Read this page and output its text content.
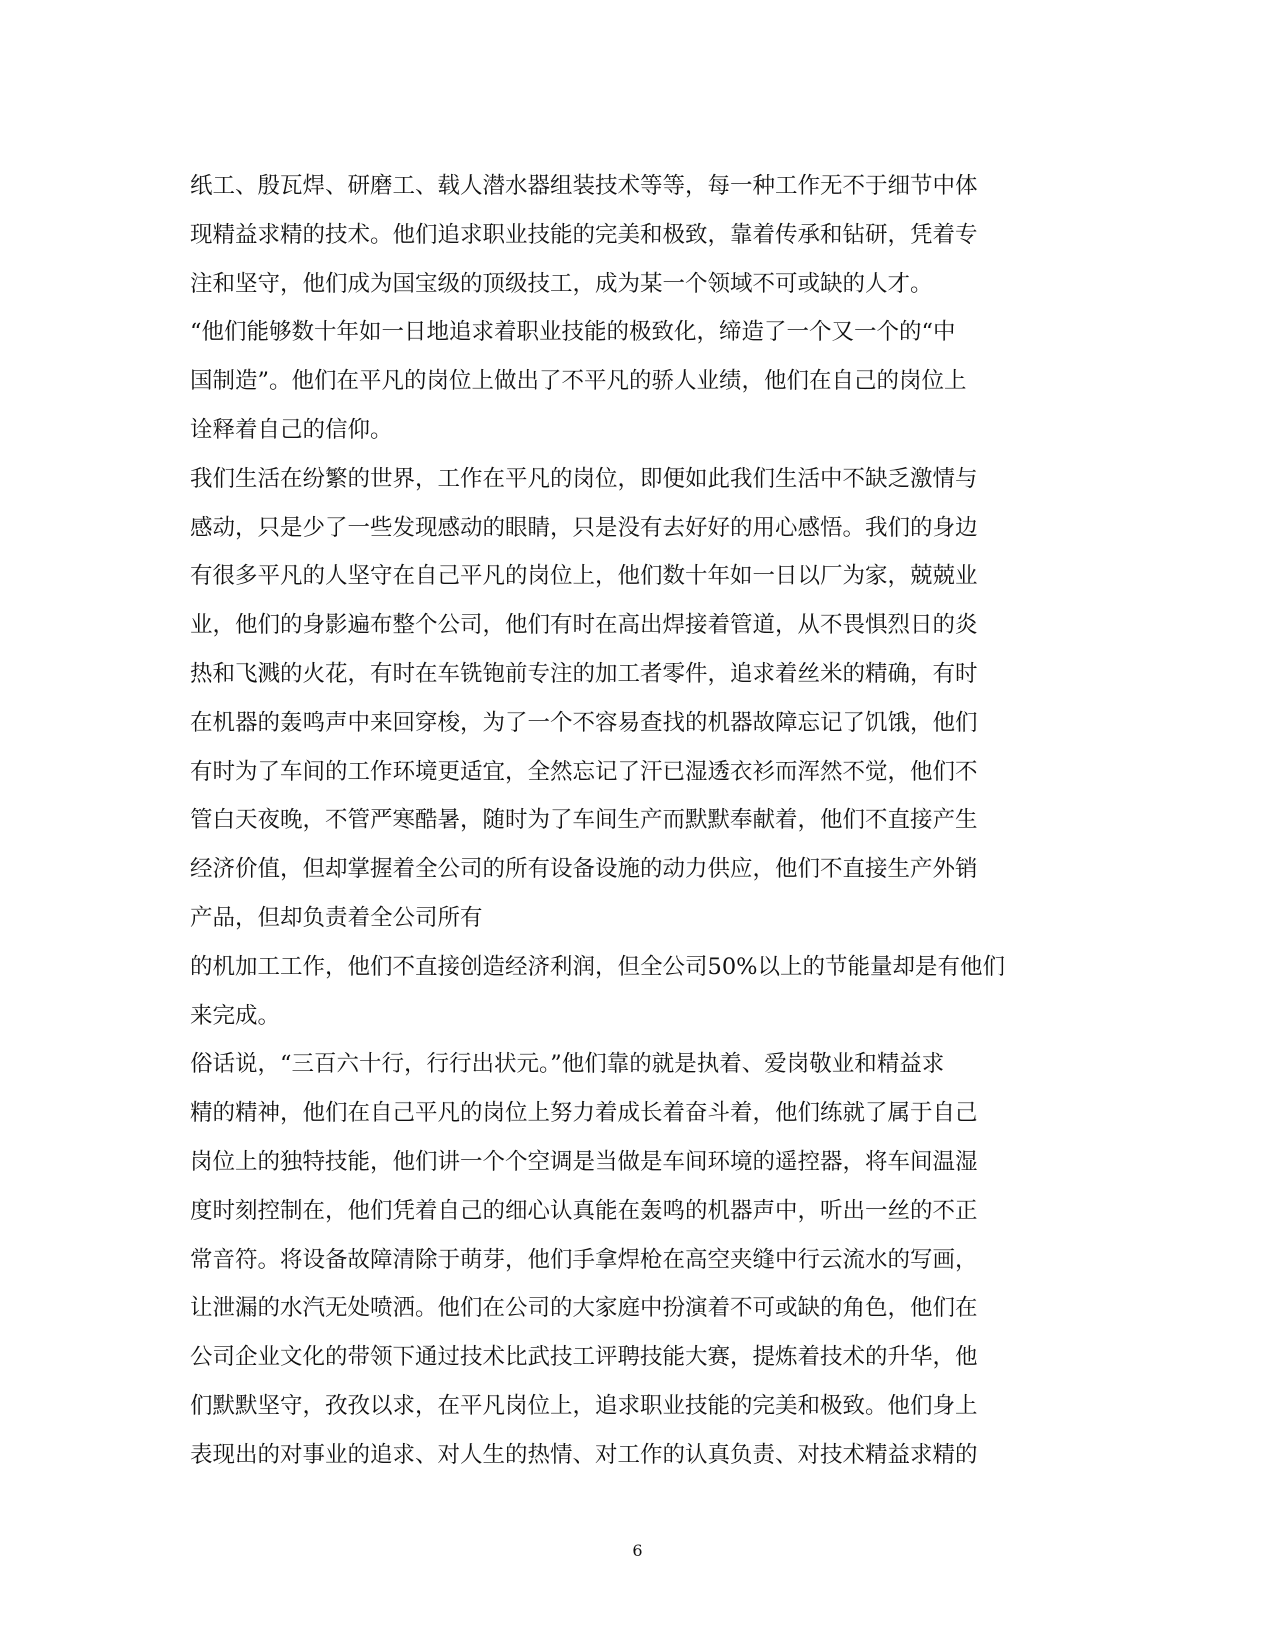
纸工、殷瓦焊、研磨工、载人潜水器组装技术等等，每一种工作无不于细节中体
现精益求精的技术。他们追求职业技能的完美和极致，靠着传承和钻研，凭着专
注和坚守，他们成为国宝级的顶级技工，成为某一个领域不可或缺的人才。
“他们能够数十年如一日地追求着职业技能的极致化，缔造了一个又一个的“中
国制造”。他们在平凡的岗位上做出了不平凡的骄人业绩，他们在自己的岗位上
诠释着自己的信仰。
我们生活在纷繁的世界，工作在平凡的岗位，即便如此我们生活中不缺乏激情与
感动，只是少了一些发现感动的眼睛，只是没有去好好的用心感悟。我们的身边
有很多平凡的人坚守在自己平凡的岗位上，他们数十年如一日以厂为家，兢兢业
业，他们的身影遍布整个公司，他们有时在高出焊接着管道，从不畏惧烈日的炎
热和飞溅的火花，有时在车铣铇前专注的加工者零件，追求着丝米的精确，有时
在机器的轰鸣声中来回穿梭，为了一个不容易查找的机器故障忘记了饥饿，他们
有时为了车间的工作环境更适宜，全然忘记了汗已湿透衣衫而浑然不觉，他们不
管白天夜晚，不管严寒酷暑，随时为了车间生产而默默奉献着，他们不直接产生
经济价值，但却掌握着全公司的所有设备设施的动力供应，他们不直接生产外销
产品，但却负责着全公司所有
的机加工工作，他们不直接创造经济利润，但全公司50%以上的节能量却是有他们
来完成。
俗话说，“三百六十行，行行出状元。”他们靠的就是执着、爱岗敬业和精益求
精的精神，他们在自己平凡的岗位上努力着成长着奋斗着，他们练就了属于自己
岗位上的独特技能，他们讲一个个空调是当做是车间环境的遥控器，将车间温湿
度时刻控制在，他们凭着自己的细心认真能在轰鸣的机器声中，听出一丝的不正
常音符。将设备故障清除于萌芽，他们手拿焊枪在高空夹缝中行云流水的写画，
让泄漏的水汽无处喷洒。他们在公司的大家庭中扮演着不可或缺的角色，他们在
公司企业文化的带领下通过技术比武技工评聘技能大赛，提炼着技术的升华，他
们默默坚守，孜孜以求，在平凡岗位上，追求职业技能的完美和极致。他们身上
表现出的对事业的追求、对人生的热情、对工作的认真负责、对技术精益求精的
6
